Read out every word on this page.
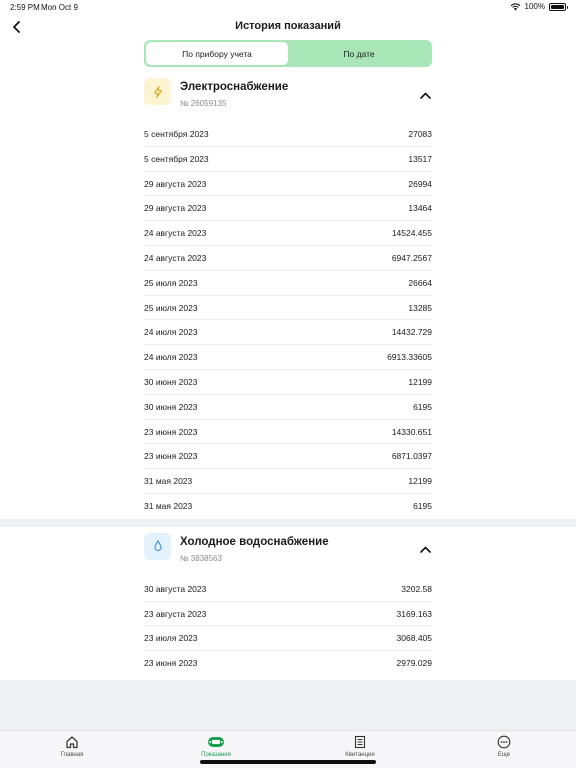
2:59 PM Mon Oct 9	100%
История показаний
По прибору учета	По дате
Электроснабжение
№ 26059135
5 сентября 2023	27083
5 сентября 2023	13517
29 августа 2023	26994
29 августа 2023	13464
24 августа 2023	14524.455
24 августа 2023	6947.2567
25 июля 2023	26664
25 июля 2023	13285
24 июля 2023	14432.729
24 июля 2023	6913.33605
30 июня 2023	12199
30 июня 2023	6195
23 июня 2023	14330.651
23 июня 2023	6871.0397
31 мая 2023	12199
31 мая 2023	6195
Холодное водоснабжение
№ 3838563
30 августа 2023	3202.58
23 августа 2023	3169.163
23 июля 2023	3068.405
23 июня 2023	2979.029
Главная	Показания	Квитанции	Еще
